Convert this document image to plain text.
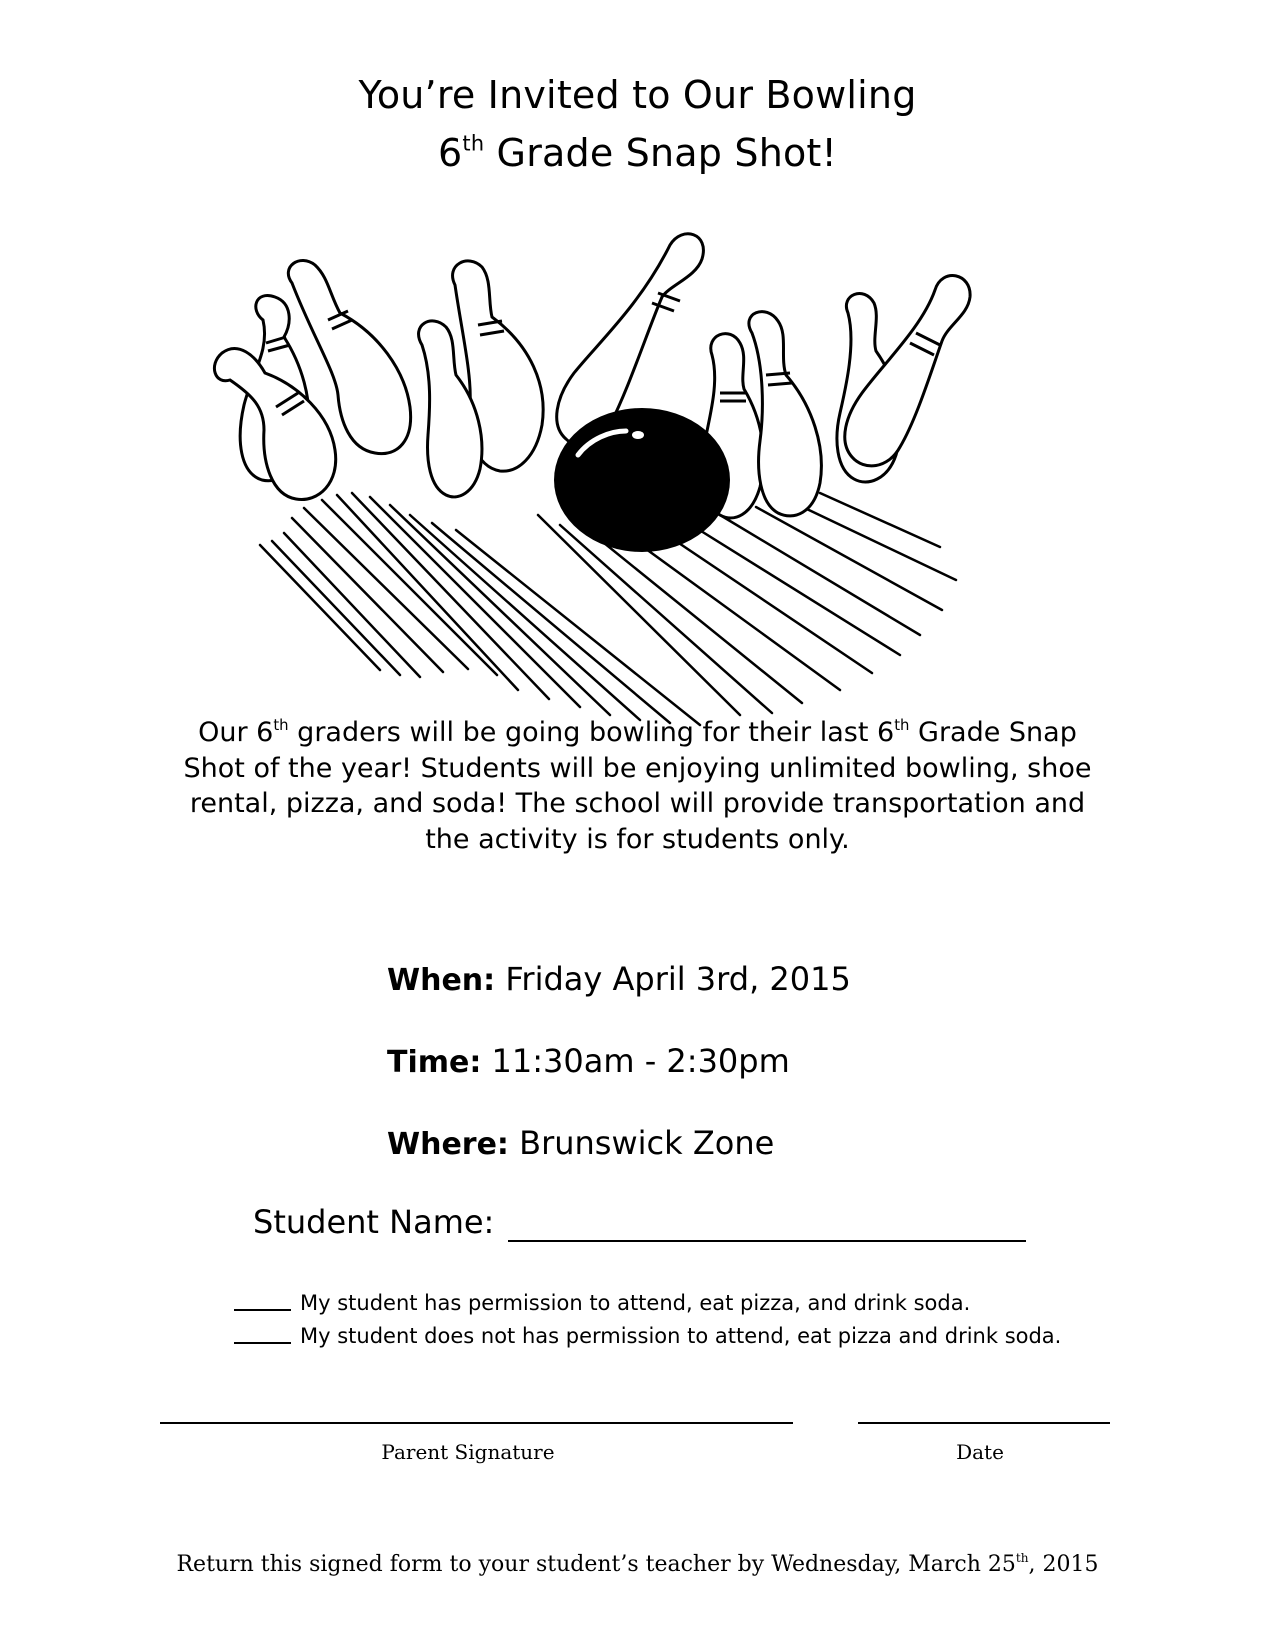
You’re Invited to Our Bowling
6th Grade Snap Shot!
Our 6th graders will be going bowling for their last 6th Grade Snap
Shot of the year! Students will be enjoying unlimited bowling, shoe
rental, pizza, and soda! The school will provide transportation and
the activity is for students only.
When: Friday April 3rd, 2015
Time: 11:30am - 2:30pm
Where: Brunswick Zone
Student Name:
My student has permission to attend, eat pizza, and drink soda.
My student does not has permission to attend, eat pizza and drink soda.
Parent Signature	Date
Return this signed form to your student’s teacher by Wednesday, March 25th, 2015
